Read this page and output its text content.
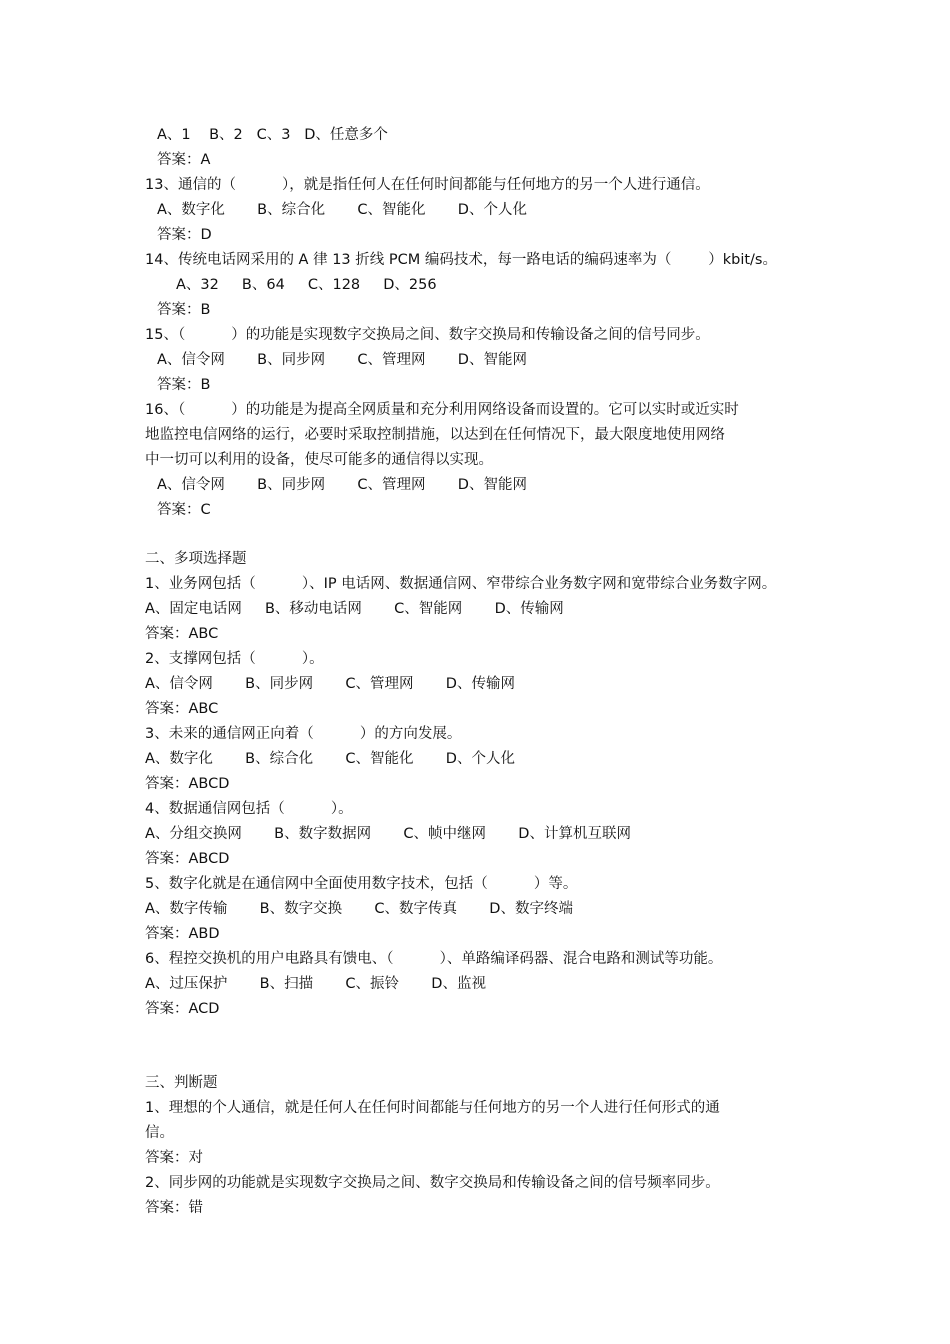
A、1    B、2   C、3   D、任意多个
答案：A
13、通信的（          ），就是指任何人在任何时间都能与任何地方的另一个人进行通信。
A、数字化       B、综合化       C、智能化       D、个人化
答案：D
14、传统电话网采用的 A 律 13 折线 PCM 编码技术，每一路电话的编码速率为（        ）kbit/s。
A、32     B、64     C、128     D、256
答案：B
15、（          ）的功能是实现数字交换局之间、数字交换局和传输设备之间的信号同步。
A、信令网       B、同步网       C、管理网       D、智能网
答案：B
16、（          ）的功能是为提高全网质量和充分利用网络设备而设置的。它可以实时或近实时
地监控电信网络的运行，必要时采取控制措施，以达到在任何情况下，最大限度地使用网络
中一切可以利用的设备，使尽可能多的通信得以实现。
A、信令网       B、同步网       C、管理网       D、智能网
答案：C
二、多项选择题
1、业务网包括（          ）、IP 电话网、数据通信网、窄带综合业务数字网和宽带综合业务数字网。
A、固定电话网     B、移动电话网       C、智能网       D、传输网
答案：ABC
2、支撑网包括（          ）。
A、信令网       B、同步网       C、管理网       D、传输网
答案：ABC
3、未来的通信网正向着（          ）的方向发展。
A、数字化       B、综合化       C、智能化       D、个人化
答案：ABCD
4、数据通信网包括（          ）。
A、分组交换网       B、数字数据网       C、帧中继网       D、计算机互联网
答案：ABCD
5、数字化就是在通信网中全面使用数字技术，包括（          ）等。
A、数字传输       B、数字交换       C、数字传真       D、数字终端
答案：ABD
6、程控交换机的用户电路具有馈电、（          ）、单路编译码器、混合电路和测试等功能。
A、过压保护       B、扫描       C、振铃       D、监视
答案：ACD
三、判断题
1、理想的个人通信，就是任何人在任何时间都能与任何地方的另一个人进行任何形式的通
信。
答案：对
2、同步网的功能就是实现数字交换局之间、数字交换局和传输设备之间的信号频率同步。
答案：错
